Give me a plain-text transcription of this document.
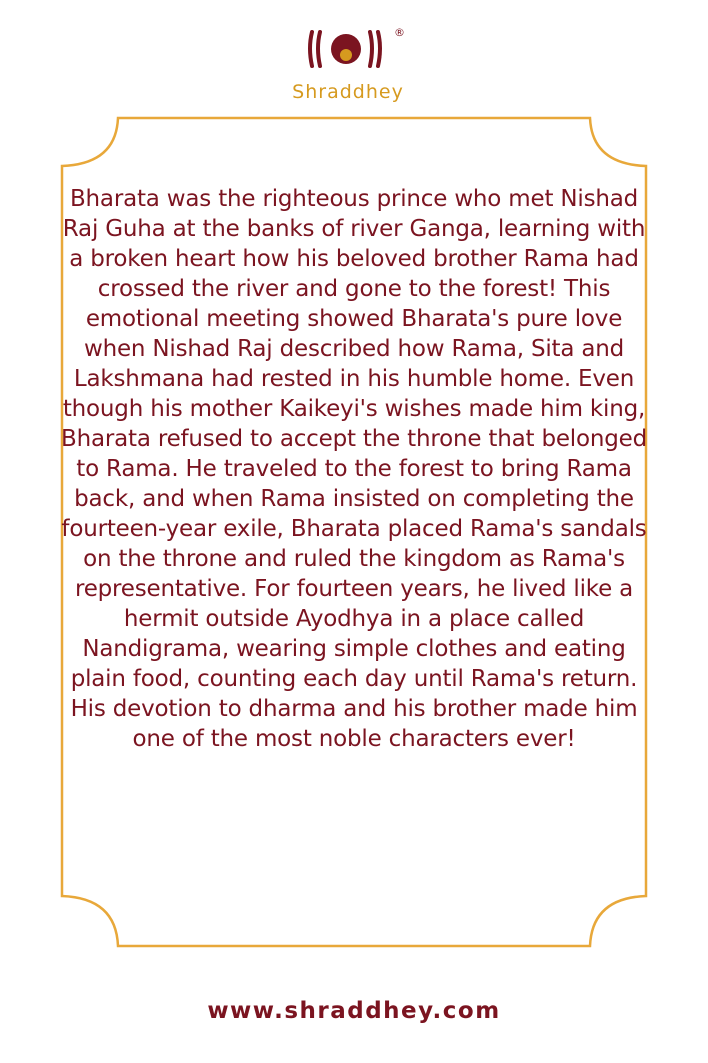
®
Shraddhey

Bharata was the righteous prince who met Nishad Raj Guha at the banks of river Ganga, learning with a broken heart how his beloved brother Rama had crossed the river and gone to the forest! This emotional meeting showed Bharata's pure love when Nishad Raj described how Rama, Sita and Lakshmana had rested in his humble home. Even though his mother Kaikeyi's wishes made him king, Bharata refused to accept the throne that belonged to Rama. He traveled to the forest to bring Rama back, and when Rama insisted on completing the fourteen-year exile, Bharata placed Rama's sandals on the throne and ruled the kingdom as Rama's representative. For fourteen years, he lived like a hermit outside Ayodhya in a place called Nandigrama, wearing simple clothes and eating plain food, counting each day until Rama's return. His devotion to dharma and his brother made him one of the most noble characters ever!

www.shraddhey.com
